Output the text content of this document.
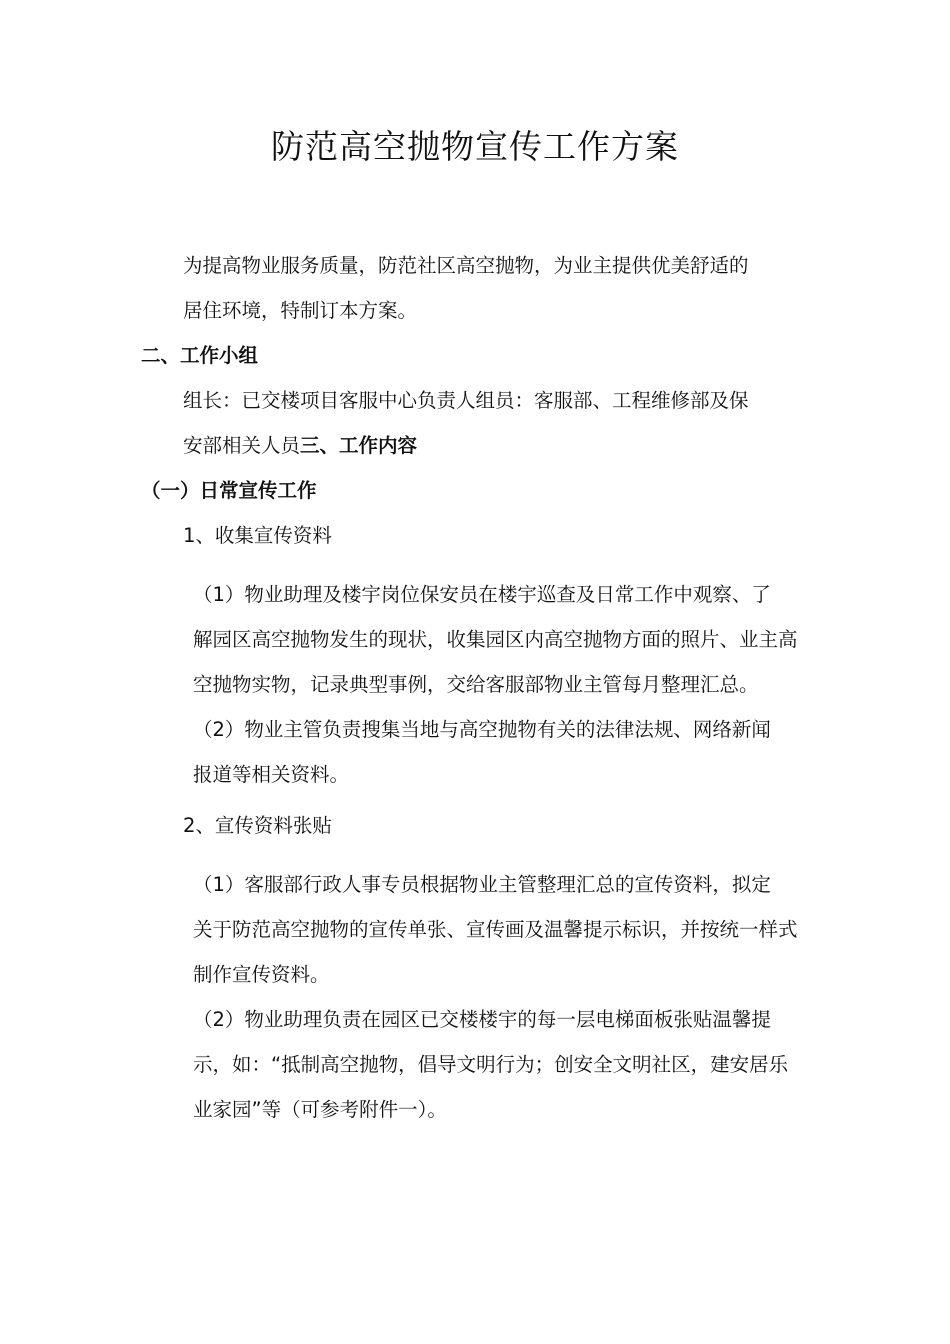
防范高空抛物宣传工作方案

为提高物业服务质量，防范社区高空抛物，为业主提供优美舒适的
居住环境，特制订本方案。

二、工作小组

组长：已交楼项目客服中心负责人组员：客服部、工程维修部及保
安部相关人员三、工作内容

（一）日常宣传工作

1、收集宣传资料

（1）物业助理及楼宇岗位保安员在楼宇巡查及日常工作中观察、了
解园区高空抛物发生的现状，收集园区内高空抛物方面的照片、业主高
空抛物实物，记录典型事例，交给客服部物业主管每月整理汇总。

（2）物业主管负责搜集当地与高空抛物有关的法律法规、网络新闻
报道等相关资料。

2、宣传资料张贴

（1）客服部行政人事专员根据物业主管整理汇总的宣传资料，拟定
关于防范高空抛物的宣传单张、宣传画及温馨提示标识，并按统一样式
制作宣传资料。

（2）物业助理负责在园区已交楼楼宇的每一层电梯面板张贴温馨提
示，如：“抵制高空抛物，倡导文明行为；创安全文明社区，建安居乐
业家园”等（可参考附件一）。
